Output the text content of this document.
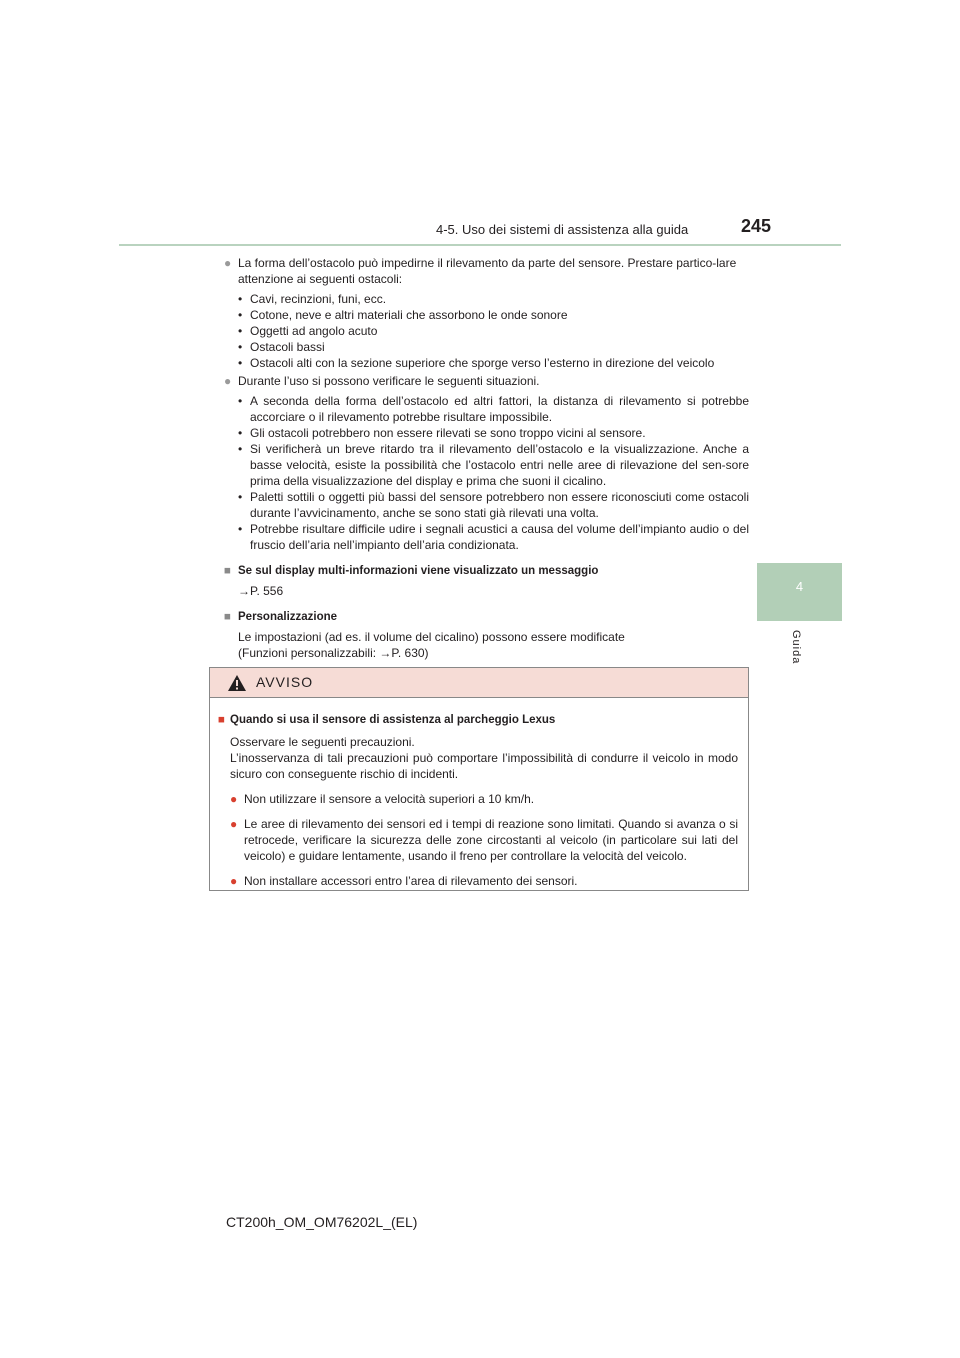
4-5. Uso dei sistemi di assistenza alla guida	245
4
Guida
● La forma dell’ostacolo può impedirne il rilevamento da parte del sensore. Prestare partico-lare attenzione ai seguenti ostacoli:
• Cavi, recinzioni, funi, ecc.
• Cotone, neve e altri materiali che assorbono le onde sonore
• Oggetti ad angolo acuto
• Ostacoli bassi
• Ostacoli alti con la sezione superiore che sporge verso l’esterno in direzione del veicolo
● Durante l’uso si possono verificare le seguenti situazioni.
• A seconda della forma dell’ostacolo ed altri fattori, la distanza di rilevamento si potrebbe accorciare o il rilevamento potrebbe risultare impossibile.
• Gli ostacoli potrebbero non essere rilevati se sono troppo vicini al sensore.
• Si verificherà un breve ritardo tra il rilevamento dell’ostacolo e la visualizzazione. Anche a basse velocità, esiste la possibilità che l’ostacolo entri nelle aree di rilevazione del sen-sore prima della visualizzazione del display e prima che suoni il cicalino.
• Paletti sottili o oggetti più bassi del sensore potrebbero non essere riconosciuti come ostacoli durante l’avvicinamento, anche se sono stati già rilevati una volta.
• Potrebbe risultare difficile udire i segnali acustici a causa del volume dell’impianto audio o del fruscio dell’aria nell’impianto dell’aria condizionata.
■ Se sul display multi-informazioni viene visualizzato un messaggio
→P. 556
■ Personalizzazione
Le impostazioni (ad es. il volume del cicalino) possono essere modificate
(Funzioni personalizzabili: →P. 630)
AVVISO
■ Quando si usa il sensore di assistenza al parcheggio Lexus
Osservare le seguenti precauzioni.
L’inosservanza di tali precauzioni può comportare l’impossibilità di condurre il veicolo in modo sicuro con conseguente rischio di incidenti.
● Non utilizzare il sensore a velocità superiori a 10 km/h.
● Le aree di rilevamento dei sensori ed i tempi di reazione sono limitati. Quando si avanza o si retrocede, verificare la sicurezza delle zone circostanti al veicolo (in particolare sui lati del veicolo) e guidare lentamente, usando il freno per controllare la velocità del veicolo.
● Non installare accessori entro l’area di rilevamento dei sensori.
CT200h_OM_OM76202L_(EL)
